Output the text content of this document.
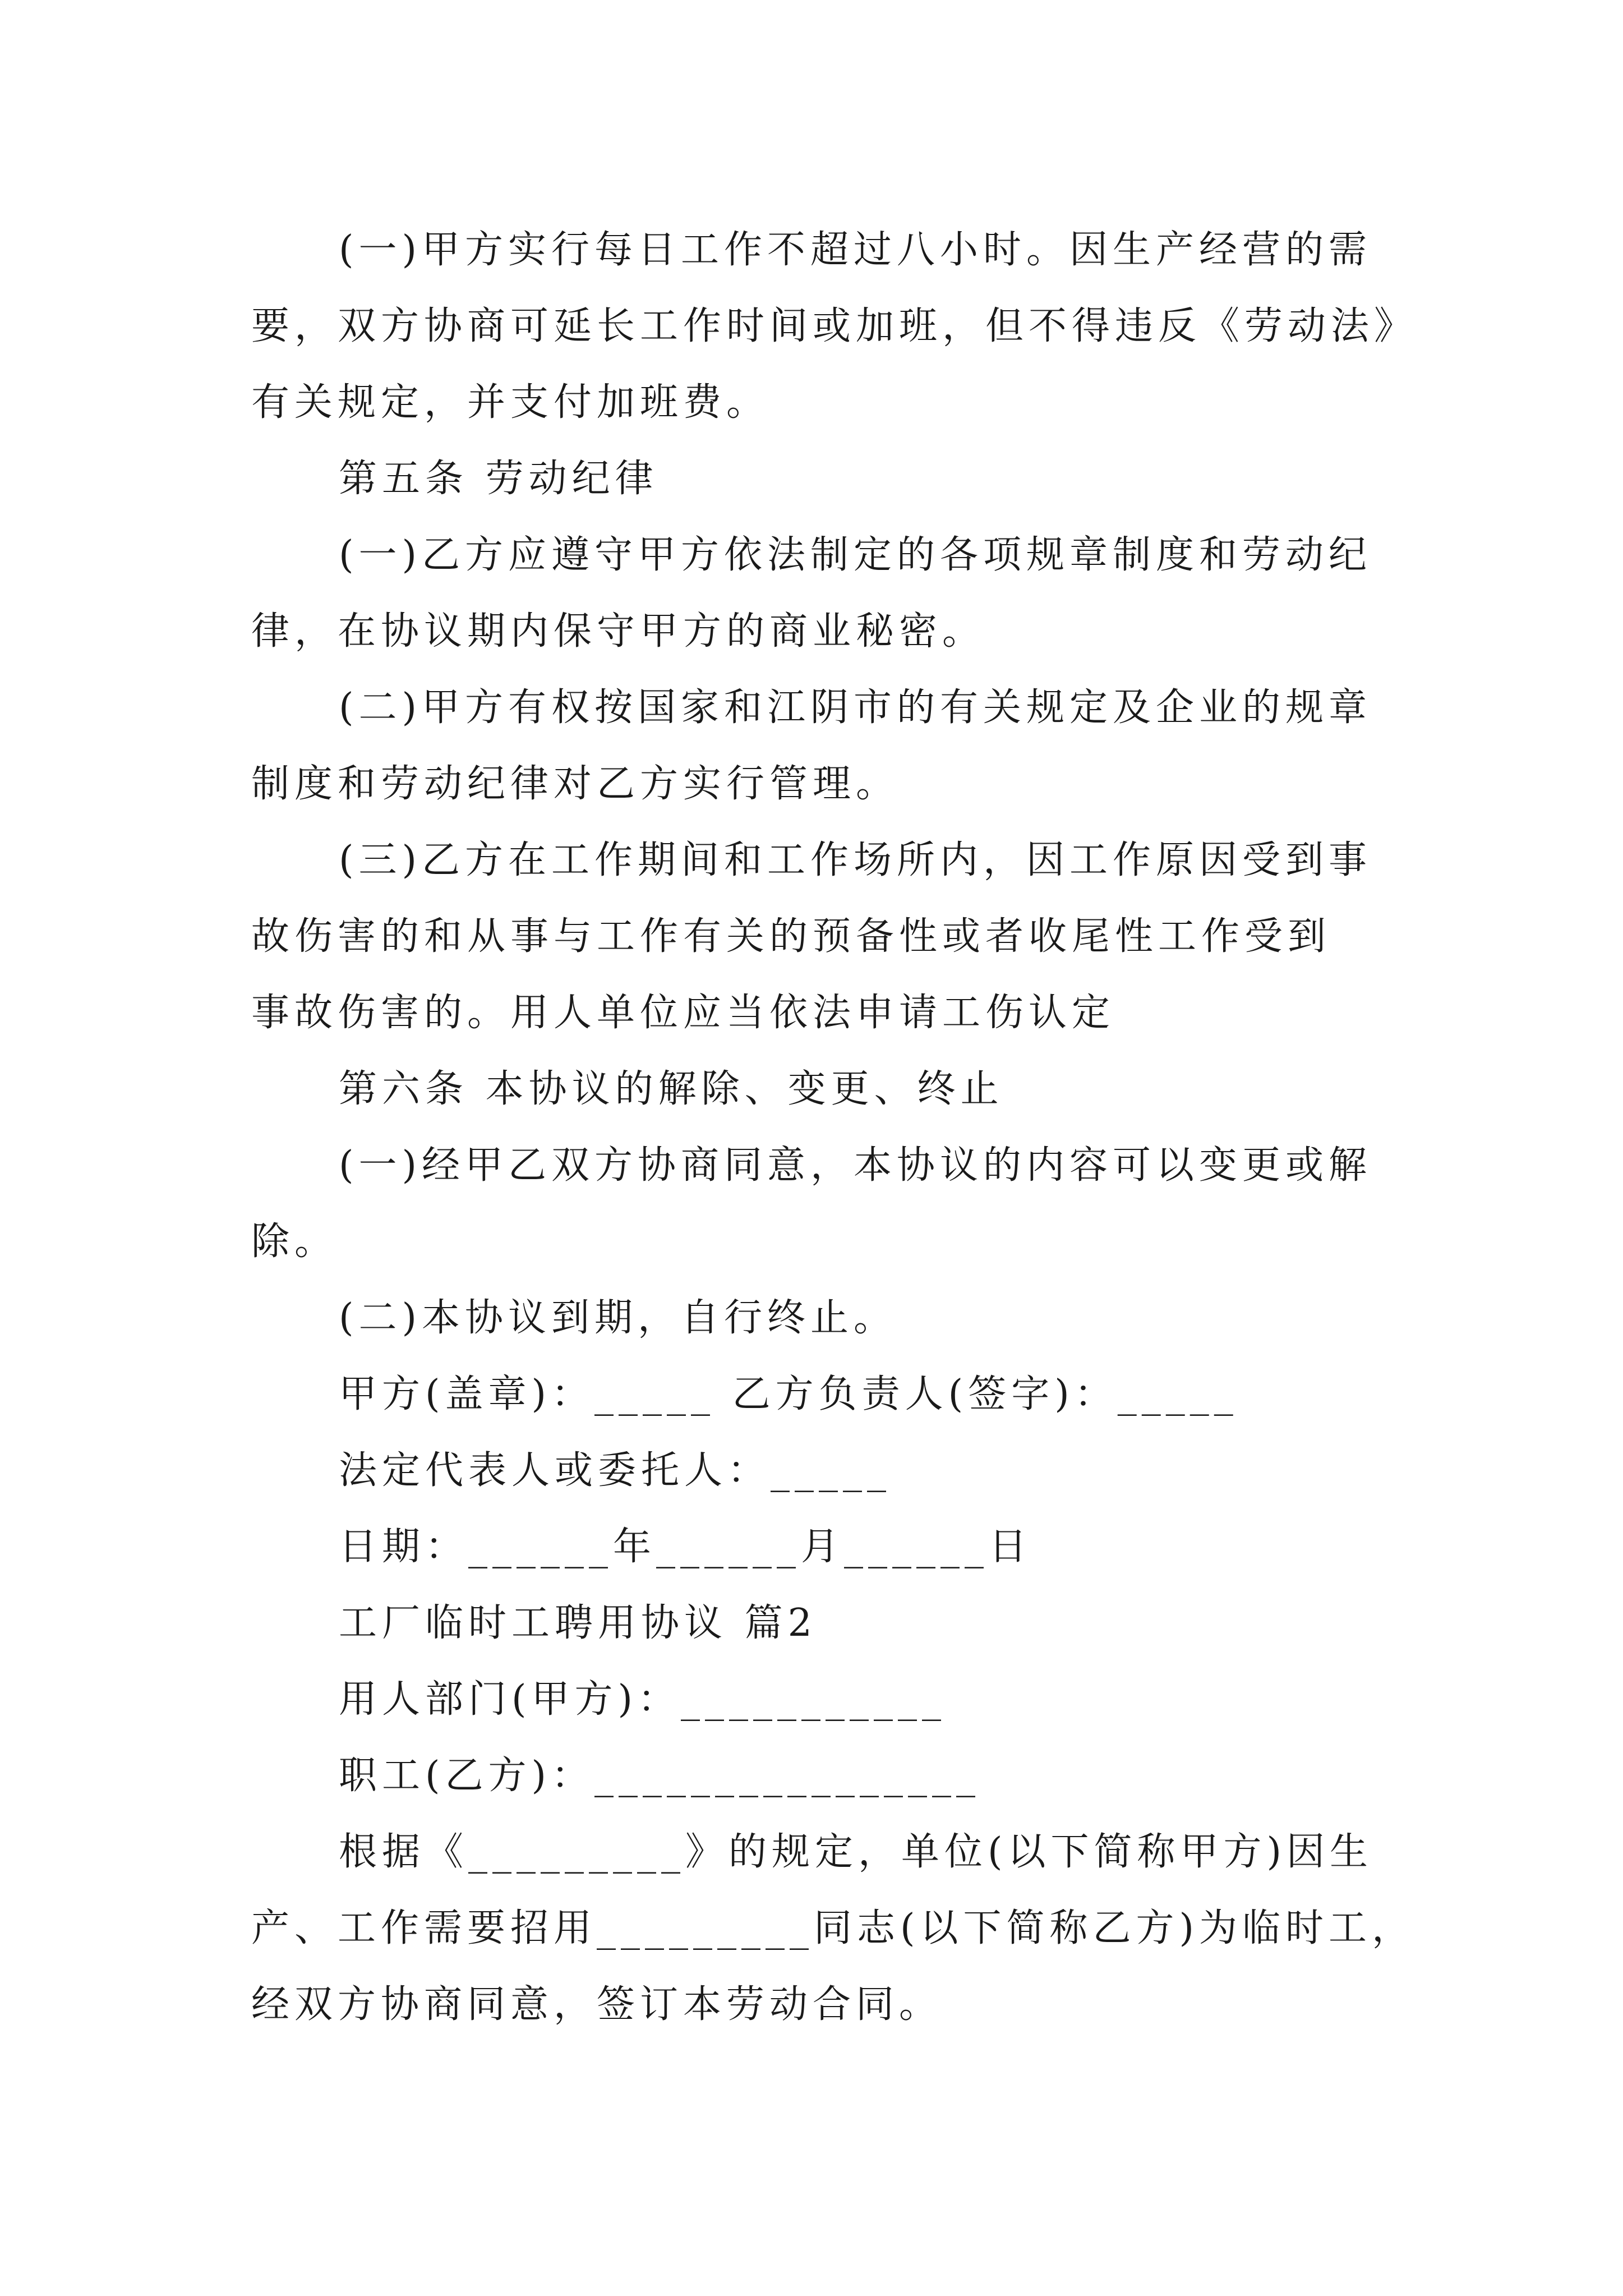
(一)甲方实行每日工作不超过八小时。因生产经营的需
要，双方协商可延长工作时间或加班，但不得违反《劳动法》
有关规定，并支付加班费。
第五条 劳动纪律
(一)乙方应遵守甲方依法制定的各项规章制度和劳动纪
律，在协议期内保守甲方的商业秘密。
(二)甲方有权按国家和江阴市的有关规定及企业的规章
制度和劳动纪律对乙方实行管理。
(三)乙方在工作期间和工作场所内，因工作原因受到事
故伤害的和从事与工作有关的预备性或者收尾性工作受到
事故伤害的。用人单位应当依法申请工伤认定
第六条 本协议的解除、变更、终止
(一)经甲乙双方协商同意，本协议的内容可以变更或解
除。
(二)本协议到期，自行终止。
甲方(盖章)：_____ 乙方负责人(签字)：_____
法定代表人或委托人：_____
日期：______年______月______日
工厂临时工聘用协议 篇2
用人部门(甲方)：___________
职工(乙方)：________________
根据《_________》的规定，单位(以下简称甲方)因生
产、工作需要招用_________同志(以下简称乙方)为临时工，
经双方协商同意，签订本劳动合同。
